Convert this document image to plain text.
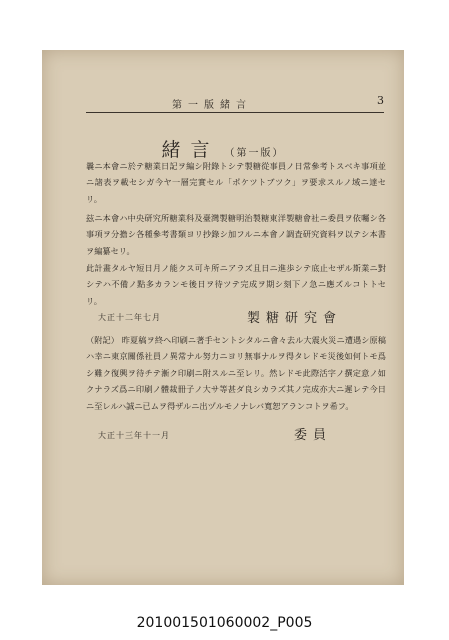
第一版緒言	3
緒言 （第一版）

曩ニ本會ニ於テ糖業日記ヲ編シ附錄トシテ製糖從事員ノ日常參考トスベキ事項並ニ諸表ヲ載セシガ今ヤ一層完實セル「ポケツトブツク」ヲ要求スルノ域ニ達セリ。

玆ニ本會ハ中央研究所糖業科及臺灣製糖明治製糖東洋製糖會社ニ委員ヲ依囑シ各事項ヲ分擔シ各種參考書類ヨリ抄錄シ加フルニ本會ノ調査研究資料ヲ以テシ本書ヲ編纂セリ。

此計畫タルヤ短日月ノ能クス可キ所ニアラズ且日ニ進歩シテ底止セザル斯業ニ對シテハ不備ノ點多カランモ後日ヲ待ツテ完成ヲ期シ刻下ノ急ニ應ズルコトトセリ。

大正十二年七月	製糖研究會

（附記） 昨夏稿ヲ終ヘ印刷ニ著手セントシタルニ會々去ル大震火災ニ遭遇シ原稿ハ幸ニ東京關係社員ノ異常ナル努力ニヨリ無事ナルヲ得タレドモ災後如何トモ爲シ難ク復興ヲ待チテ漸ク印刷ニ附スルニ至レリ。然レドモ此際活字ノ撰定意ノ如クナラズ爲ニ印刷ノ體裁冊子ノ大サ等甚ダ良シカラズ其ノ完成亦大ニ遲レテ今日ニ至レルハ誠ニ已ムヲ得ザルニ出ヅルモノナレバ寬恕アランコトヲ希フ。

大正十三年十一月	委員
201001501060002_P005
